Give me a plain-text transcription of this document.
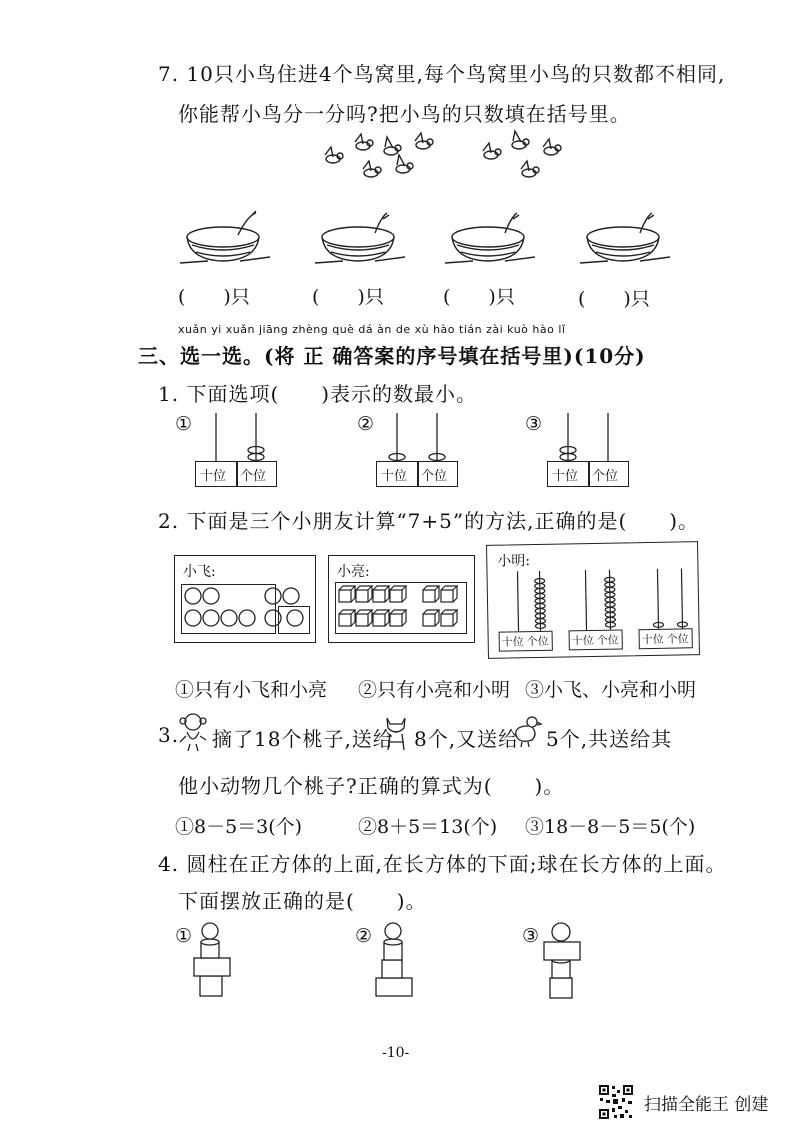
7. 10只小鸟住进4个鸟窝里,每个鸟窝里小鸟的只数都不相同,
你能帮小鸟分一分吗?把小鸟的只数填在括号里。
(　　)只	(　　)只	(　　)只	(　　)只
xuǎn yi xuǎn jiāng zhèng què dá àn de xù hào tián zài kuò hào lǐ
三、选一选。(将 正 确答案的序号填在括号里)(10分)
1. 下面选项(　　)表示的数最小。
①
十位 个位
②
十位 个位
③
十位 个位
2. 下面是三个小朋友计算“7+5”的方法,正确的是(　　)。
小飞:	小亮:
小明:
十位 个位 十位 个位 十位 个位
①只有小飞和小亮 ②只有小亮和小明 ③小飞、小亮和小明
3. 摘了18个桃子,送给 8个,又送给 5个,共送给其
他小动物几个桃子?正确的算式为(　　)。
①8－5＝3(个)	②8＋5＝13(个) ③18－8－5＝5(个)
4. 圆柱在正方体的上面,在长方体的下面;球在长方体的上面。
下面摆放正确的是(　　)。
①	②	③
-10-
扫描全能王 创建
